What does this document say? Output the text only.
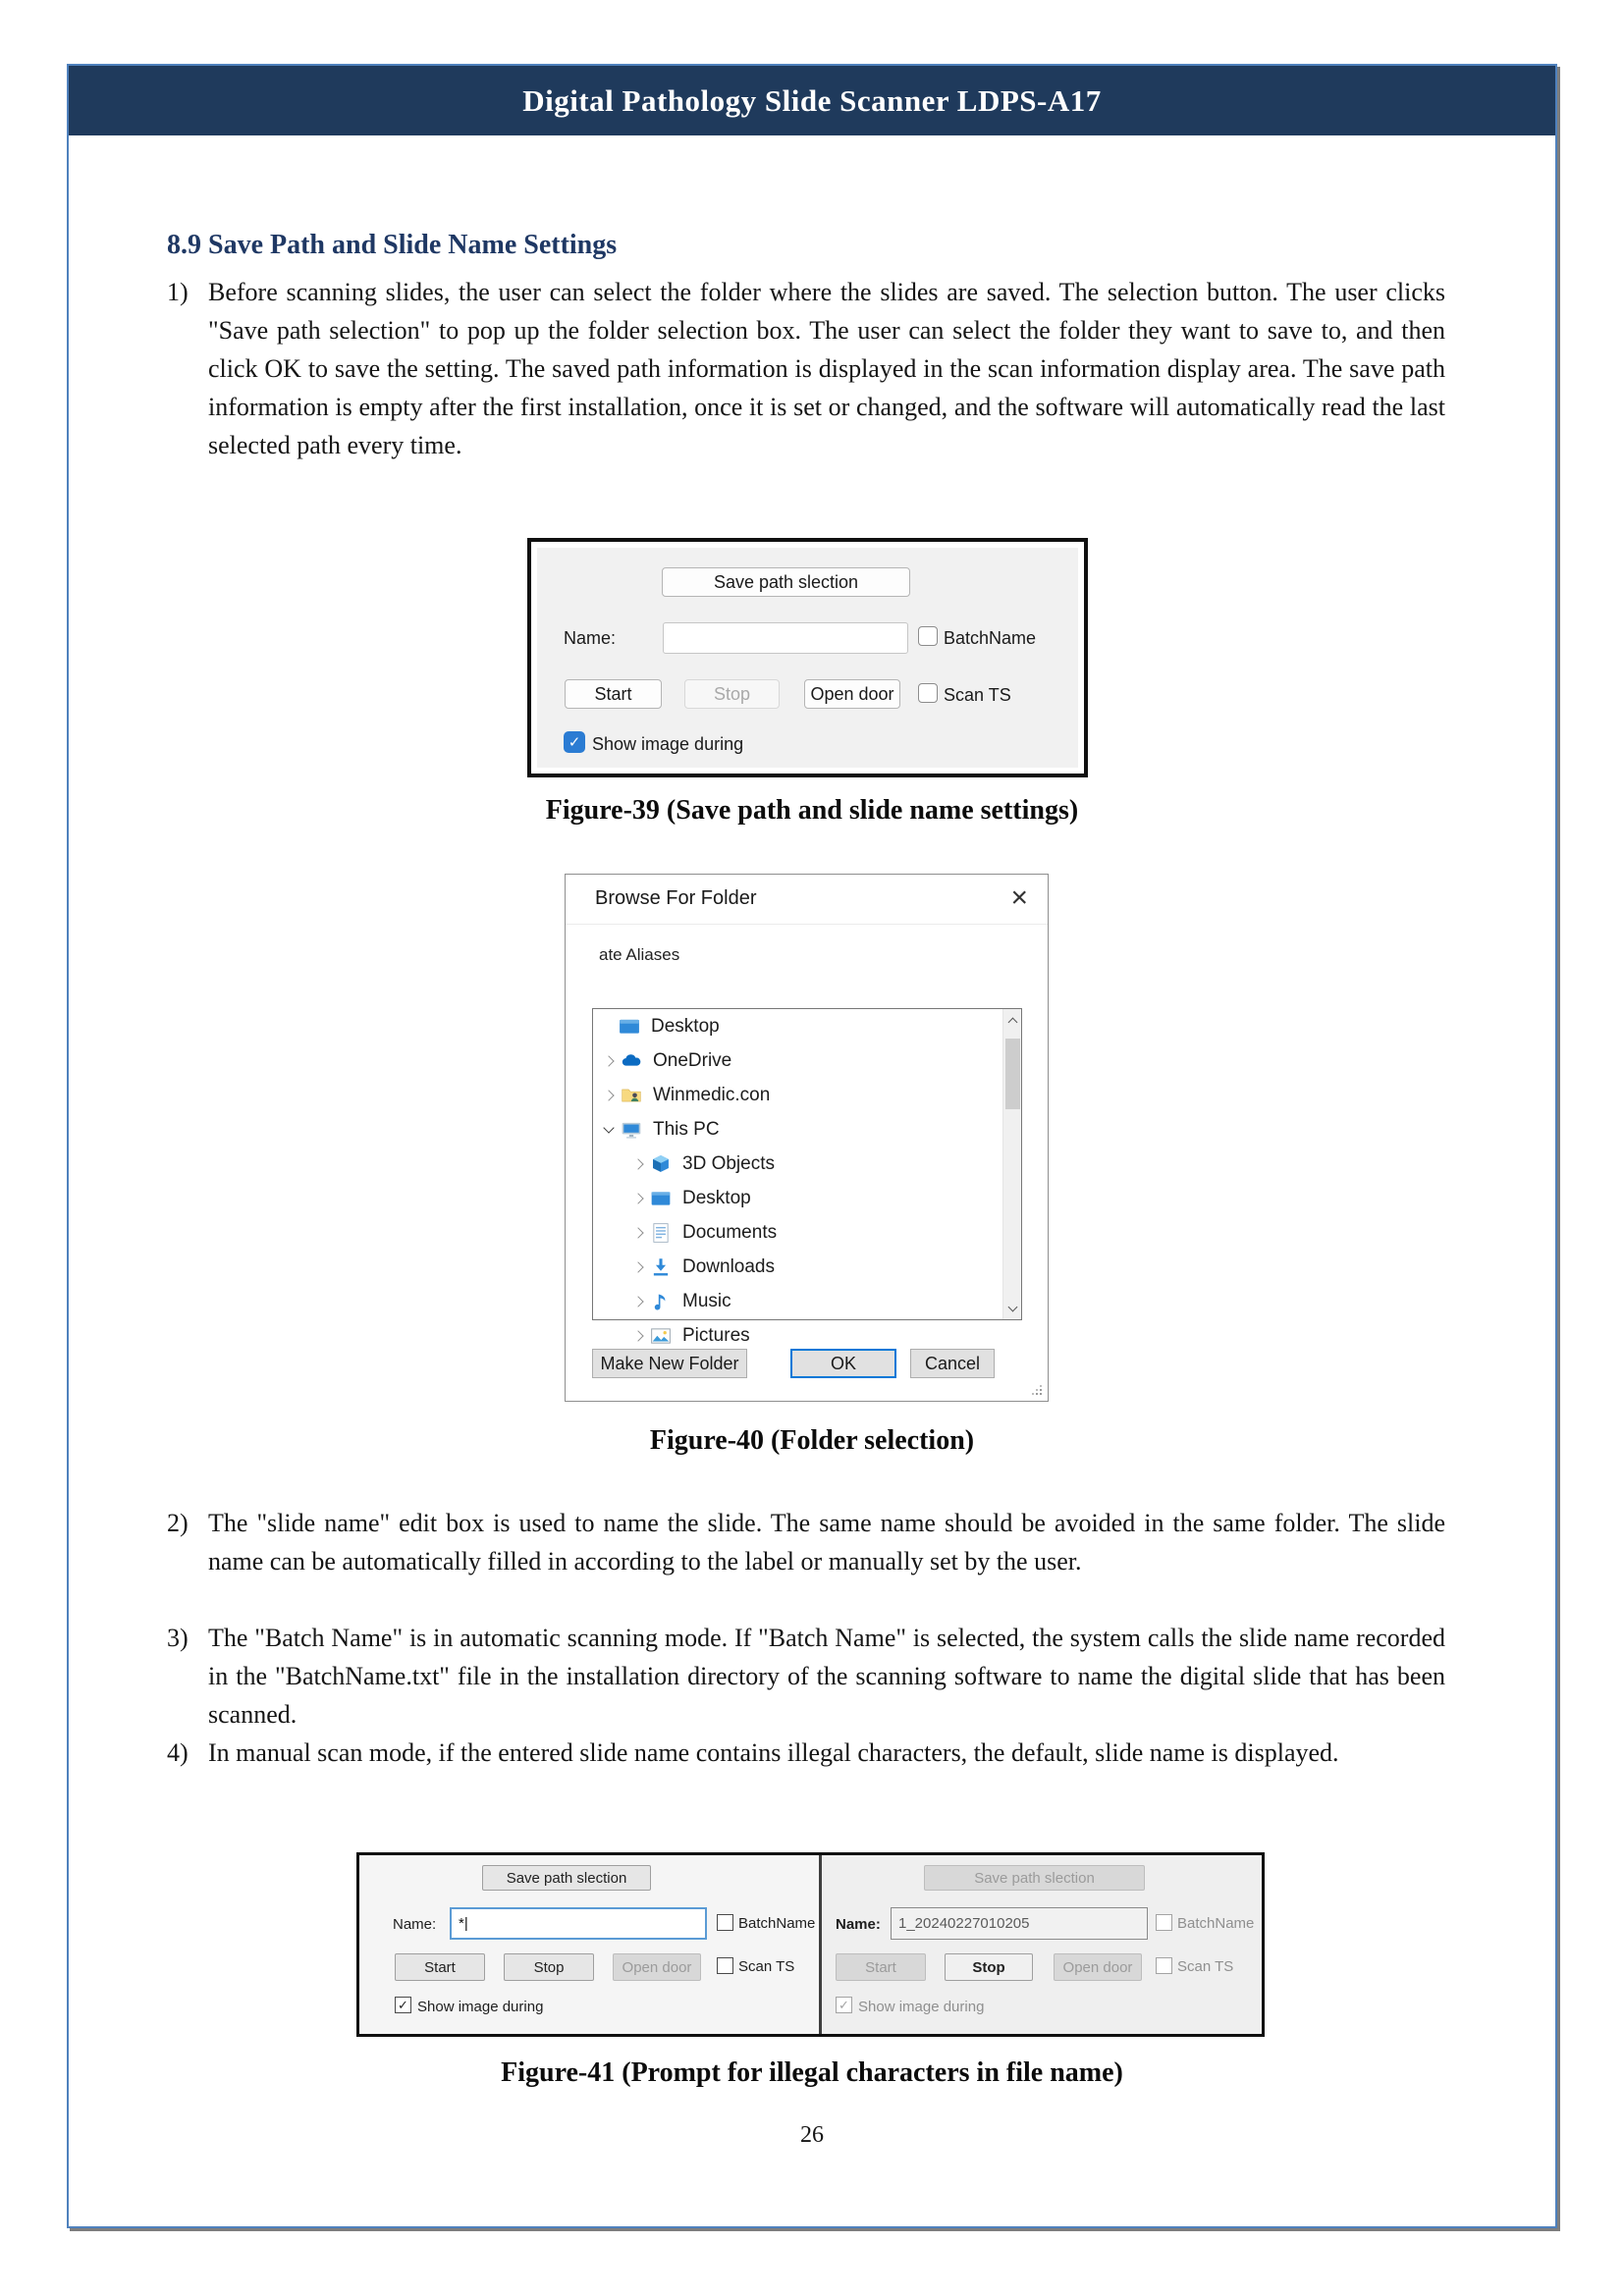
Digital Pathology Slide Scanner LDPS-A17
8.9 Save Path and Slide Name Settings
1) Before scanning slides, the user can select the folder where the slides are saved. The selection button. The user clicks "Save path selection" to pop up the folder selection box. The user can select the folder they want to save to, and then click OK to save the setting. The saved path information is displayed in the scan information display area. The save path information is empty after the first installation, once it is set or changed, and the software will automatically read the last selected path every time.
Save path slection
Name:	BatchName
Start	Stop	Open door	Scan TS
✓ Show image during
Figure-39 (Save path and slide name settings)
Browse For Folder	×
ate Aliases
Desktop
OneDrive
Winmedic.con
This PC
3D Objects
Desktop
Documents
Downloads
Music
Pictures
Make New Folder	OK	Cancel
Figure-40 (Folder selection)
2) The "slide name" edit box is used to name the slide. The same name should be avoided in the same folder. The slide name can be automatically filled in according to the label or manually set by the user.
3) The "Batch Name" is in automatic scanning mode. If "Batch Name" is selected, the system calls the slide name recorded in the "BatchName.txt" file in the installation directory of the scanning software to name the digital slide that has been scanned.
4) In manual scan mode, if the entered slide name contains illegal characters, the default, slide name is displayed.
Save path slection
Name:	*|	BatchName
Start	Stop	Open door	Scan TS
✓ Show image during
Save path slection
Name:	1_20240227010205	BatchName
Start	Stop	Open door	Scan TS
✓ Show image during
Figure-41 (Prompt for illegal characters in file name)
26
